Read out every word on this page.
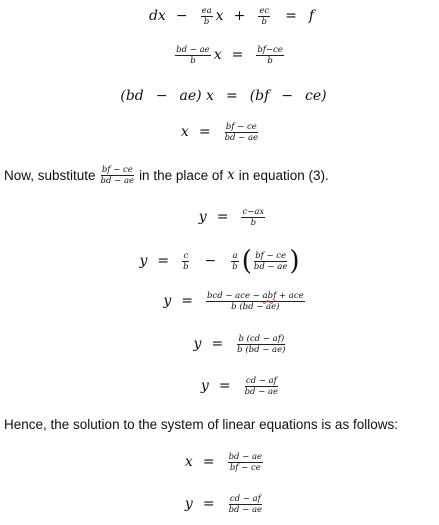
dx −	$\frac{ea}{b}$ x +	$\frac{ec}{b}$	= f
$\frac{bd - ae}{b}$ x =	$\frac{bf-ce}{b}$
(bd − ae) x = (bf − ce)
x =	$\frac{bf - ce}{bd - ae}$
Now, substitute $\frac{bf - ce}{bd - ae}$ in the place of x in equation (3).
y =	$\frac{c-ax}{b}$
y =	$\frac{c}{b}$	−	$\frac{a}{b}$ ( $\frac{bf - ce}{bd - ae}$ )
y =	$\frac{\text{bcd − ace − abf + ace}}{b (bd - ae)}$
y =	$\frac{b (cd - af)}{b (bd - ae)}$
y =	$\frac{cd - af}{bd - ae}$
Hence, the solution to the system of linear equations is as follows:
x =	$\frac{bd - ae}{bf - ce}$
y =	$\frac{cd - af}{bd - ae}$
